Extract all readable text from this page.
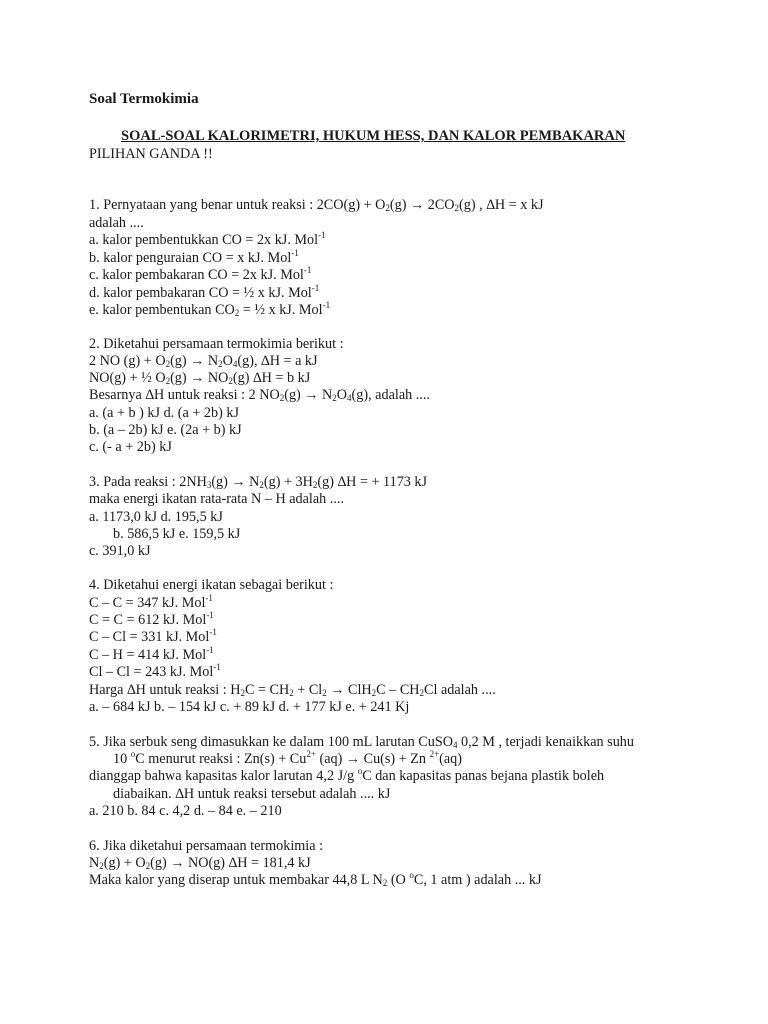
Soal Termokimia
SOAL-SOAL KALORIMETRI, HUKUM HESS, DAN KALOR PEMBAKARAN
PILIHAN GANDA !!
1. Pernyataan yang benar untuk reaksi : $2CO(g) + O_2(g) \to 2CO_2(g)$ , ∆H = x kJ
adalah ....
a. kalor pembentukkan CO = 2x kJ. Mol$^{-1}$
b. kalor penguraian CO = x kJ. Mol$^{-1}$
c. kalor pembakaran CO = 2x kJ. Mol$^{-1}$
d. kalor pembakaran CO = ½ x kJ. Mol$^{-1}$
e. kalor pembentukan $CO_2$ = ½ x kJ. Mol$^{-1}$
2. Diketahui persamaan termokimia berikut :
2 NO $(g) + O_2(g) \to N_2O_4(g)$, ∆H = a kJ
NO(g) + ½ $O_2(g) \to NO_2(g) \Delta H = b$ kJ
Besarnya ∆H untuk reaksi : 2 $NO_2(g) \to N_2O_4(g)$, adalah ....
a. (a + b ) kJ d. (a + 2b) kJ
b. (a – 2b) kJ e. (2a + b) kJ
c. (- a + 2b) kJ
3. Pada reaksi : $2NH_3(g) \to N_2(g) + 3H_2(g) \Delta H$ = + 1173 kJ
maka energi ikatan rata-rata N – H adalah ....
a. 1173,0 kJ d. 195,5 kJ
b. 586,5 kJ e. 159,5 kJ
c. 391,0 kJ
4. Diketahui energi ikatan sebagai berikut :
C – C = 347 kJ. Mol$^{-1}$
C = C = 612 kJ. Mol$^{-1}$
C – Cl = 331 kJ. Mol$^{-1}$
C – H = 414 kJ. Mol$^{-1}$
Cl – Cl = 243 kJ. Mol$^{-1}$
Harga ∆H untuk reaksi : $H_2C = CH_2 + Cl_2 \to ClH_2C - CH_2Cl$ adalah ....
a. – 684 kJ b. – 154 kJ c. + 89 kJ d. + 177 kJ e. + 241 Kj
5. Jika serbuk seng dimasukkan ke dalam 100 mL larutan CuSO$_4$ 0,2 M , terjadi kenaikkan suhu
10 $^o$C menurut reaksi : $Zn(s) + Cu^{2+}$ (aq) → Cu(s) + Zn $^{2+}$(aq)
dianggap bahwa kapasitas kalor larutan 4,2 J/g $^o$C dan kapasitas panas bejana plastik boleh
diabaikan. ∆H untuk reaksi tersebut adalah .... kJ
a. 210 b. 84 c. 4,2 d. – 84 e. – 210
6. Jika diketahui persamaan termokimia :
$N_2(g) + O_2(g) \to NO(g) \Delta H = 181,4$ kJ
Maka kalor yang diserap untuk membakar 44,8 L $N_2$ (O $^o$C, 1 atm ) adalah ... kJ
